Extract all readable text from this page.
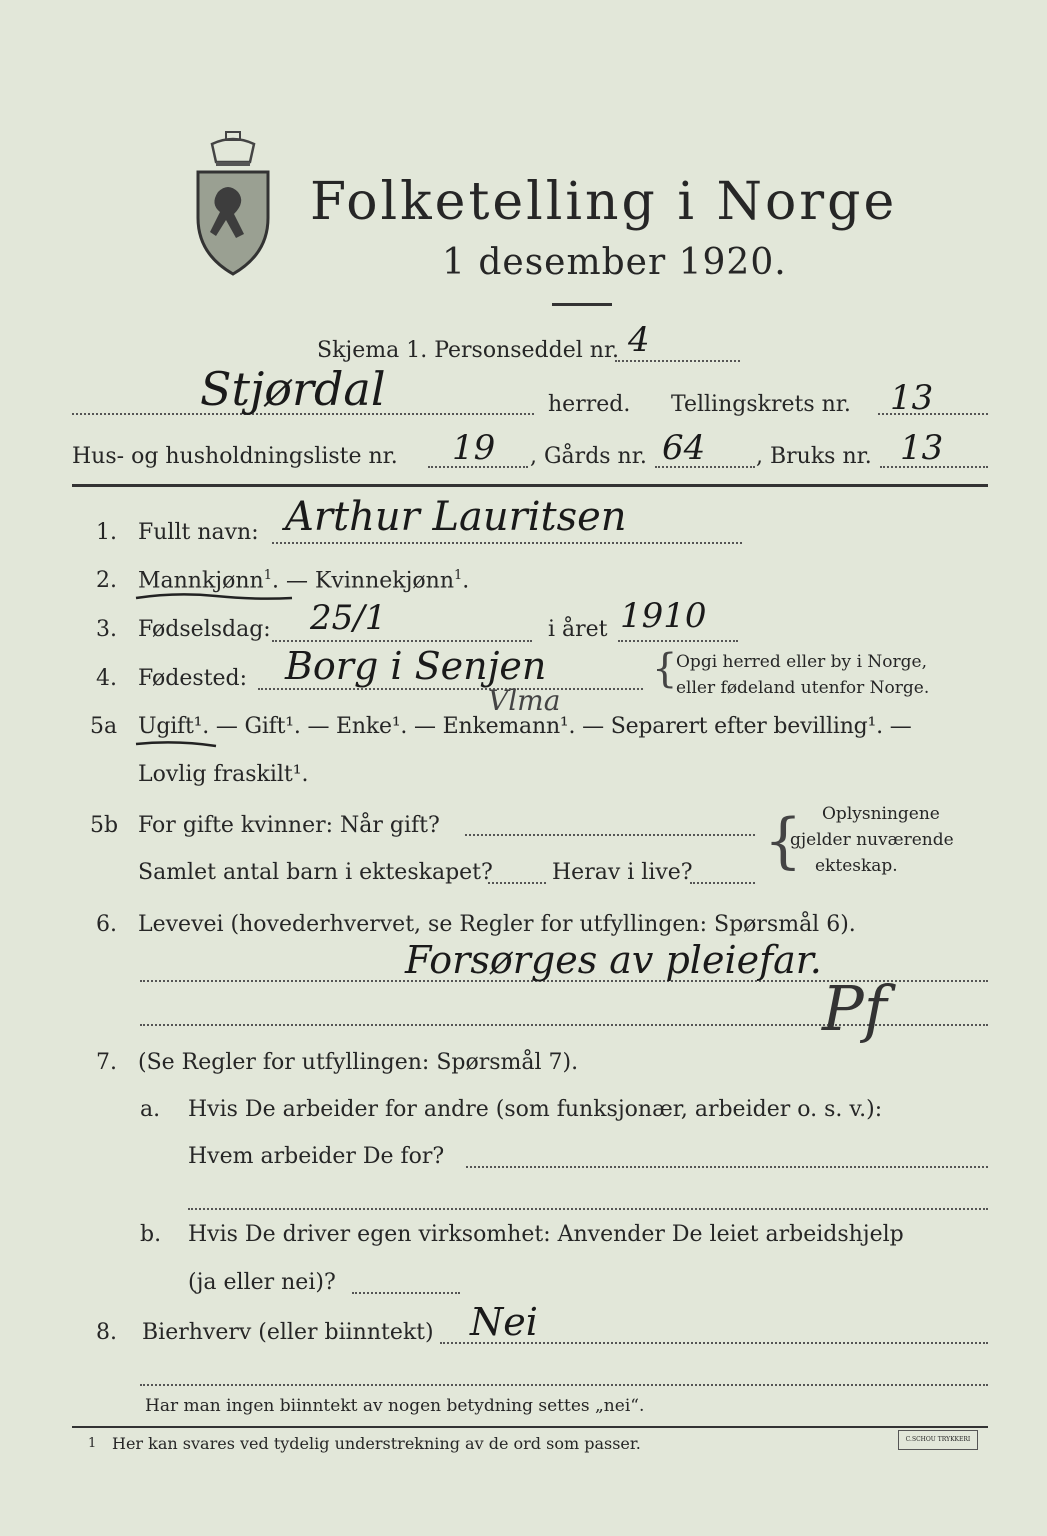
Folketelling i Norge
1 desember 1920.
Skjema 1. Personseddel nr. 4
Stjørdal	herred. Tellingskrets nr. 13
Hus- og husholdningsliste nr. 19 , Gårds nr. 64 , Bruks nr. 13
1. Fullt navn: Arthur Lauritsen
2. Mannkjønn$^1$. — Kvinnekjønn$^1$.
3. Fødselsdag: 25/1	i året 1910
4. Fødested: Borg i Senjen
Vlma
{
Opgi herred eller by i Norge,
eller fødeland utenfor Norge.
5a Ugift¹. — Gift¹. — Enke¹. — Enkemann¹. — Separert efter bevilling¹. —
Lovlig fraskilt¹.
5b For gifte kvinner: Når gift?
Samlet antal barn i ekteskapet?	Herav i live? { Oplysningene
gjelder nuværende
ekteskap.
6. Levevei (hovederhvervet, se Regler for utfyllingen: Spørsmål 6).
Forsørges av pleiefar.
Pf
7. (Se Regler for utfyllingen: Spørsmål 7).
a. Hvis De arbeider for andre (som funksjonær, arbeider o. s. v.):
Hvem arbeider De for?
b. Hvis De driver egen virksomhet: Anvender De leiet arbeidshjelp
(ja eller nei)?
8. Bierhverv (eller biinntekt) Nei
Har man ingen biinntekt av nogen betydning settes „nei“.
1 Her kan svares ved tydelig understrekning av de ord som passer.	C.SCHOU TRYKKERI
